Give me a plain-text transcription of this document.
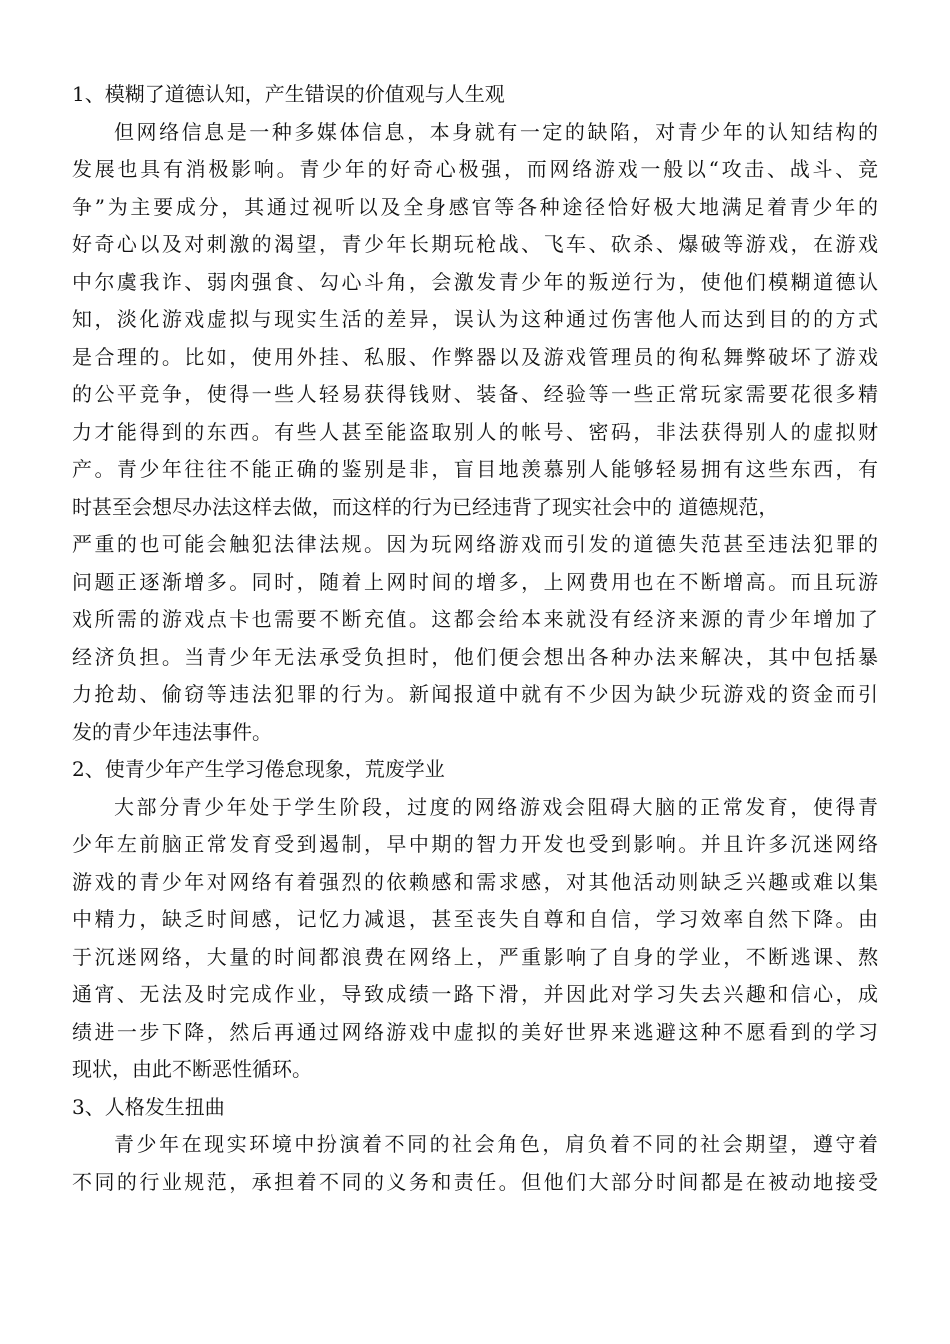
1、模糊了道德认知，产生错误的价值观与人生观
但网络信息是一种多媒体信息，本身就有一定的缺陷，对青少年的认知结构的
发展也具有消极影响。青少年的好奇心极强，而网络游戏一般以“攻击、战斗、竞
争”为主要成分，其通过视听以及全身感官等各种途径恰好极大地满足着青少年的
好奇心以及对刺激的渴望，青少年长期玩枪战、飞车、砍杀、爆破等游戏，在游戏
中尔虞我诈、弱肉强食、勾心斗角，会激发青少年的叛逆行为，使他们模糊道德认
知，淡化游戏虚拟与现实生活的差异，误认为这种通过伤害他人而达到目的的方式
是合理的。比如，使用外挂、私服、作弊器以及游戏管理员的徇私舞弊破坏了游戏
的公平竞争，使得一些人轻易获得钱财、装备、经验等一些正常玩家需要花很多精
力才能得到的东西。有些人甚至能盗取别人的帐号、密码，非法获得别人的虚拟财
产。青少年往往不能正确的鉴别是非，盲目地羡慕别人能够轻易拥有这些东西，有
时甚至会想尽办法这样去做，而这样的行为已经违背了现实社会中的 道德规范，
严重的也可能会触犯法律法规。因为玩网络游戏而引发的道德失范甚至违法犯罪的
问题正逐渐增多。同时，随着上网时间的增多，上网费用也在不断增高。而且玩游
戏所需的游戏点卡也需要不断充值。这都会给本来就没有经济来源的青少年增加了
经济负担。当青少年无法承受负担时，他们便会想出各种办法来解决，其中包括暴
力抢劫、偷窃等违法犯罪的行为。新闻报道中就有不少因为缺少玩游戏的资金而引
发的青少年违法事件。
2、使青少年产生学习倦怠现象，荒废学业
大部分青少年处于学生阶段，过度的网络游戏会阻碍大脑的正常发育，使得青
少年左前脑正常发育受到遏制，早中期的智力开发也受到影响。并且许多沉迷网络
游戏的青少年对网络有着强烈的依赖感和需求感，对其他活动则缺乏兴趣或难以集
中精力，缺乏时间感，记忆力减退，甚至丧失自尊和自信，学习效率自然下降。由
于沉迷网络，大量的时间都浪费在网络上，严重影响了自身的学业，不断逃课、熬
通宵、无法及时完成作业，导致成绩一路下滑，并因此对学习失去兴趣和信心，成
绩进一步下降，然后再通过网络游戏中虚拟的美好世界来逃避这种不愿看到的学习
现状，由此不断恶性循环。
3、人格发生扭曲
青少年在现实环境中扮演着不同的社会角色，肩负着不同的社会期望，遵守着
不同的行业规范，承担着不同的义务和责任。但他们大部分时间都是在被动地接受
